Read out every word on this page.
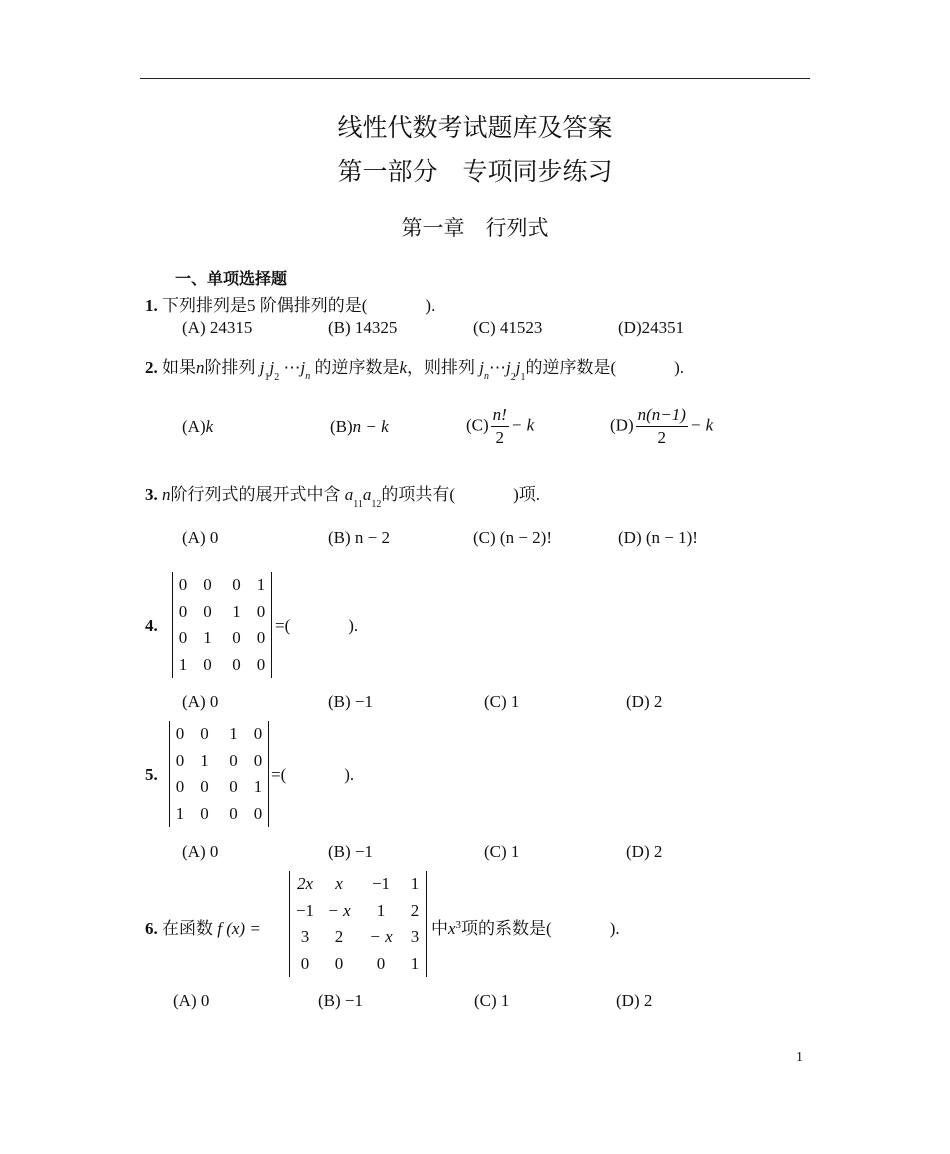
线性代数考试题库及答案
第一部分　专项同步练习
第一章　行列式
一、单项选择题
1. 下列排列是5 阶偶排列的是(	).
(A) 24315	(B) 14325	(C) 41523	(D)24351
2. 如果n阶排列 $j_1j_2$ $\cdots j_n$ 的逆序数是k，则排列 $j_n\cdots j_2j_1$的逆序数是(	).
(A)k	(B)n − k	$(C) \frac{n!}{2} - k$	$(D) \frac{n(n-1)}{2} - k$
3. n阶行列式的展开式中含 $a_{11}a_{12}$的项共有(	)项.
(A) 0	(B) n − 2	(C) (n − 2)!	(D) (n − 1)!
4.
0	0	0	1
0	0	1	0
0	1	0	0
1	0	0	0
=(	).
(A) 0	(B) −1	(C) 1	(D) 2
5.
0	0	1	0
0	1	0	0
0	0	0	1
1	0	0	0
=(	).
(A) 0	(B) −1	(C) 1	(D) 2
6. 在函数 f (x) =
2x	x	−1	1
−1	− x	1	2
3	2	− x	3
0	0	0	1
中$x^3$项的系数是(	).
(A) 0	(B) −1	(C) 1	(D) 2
1
